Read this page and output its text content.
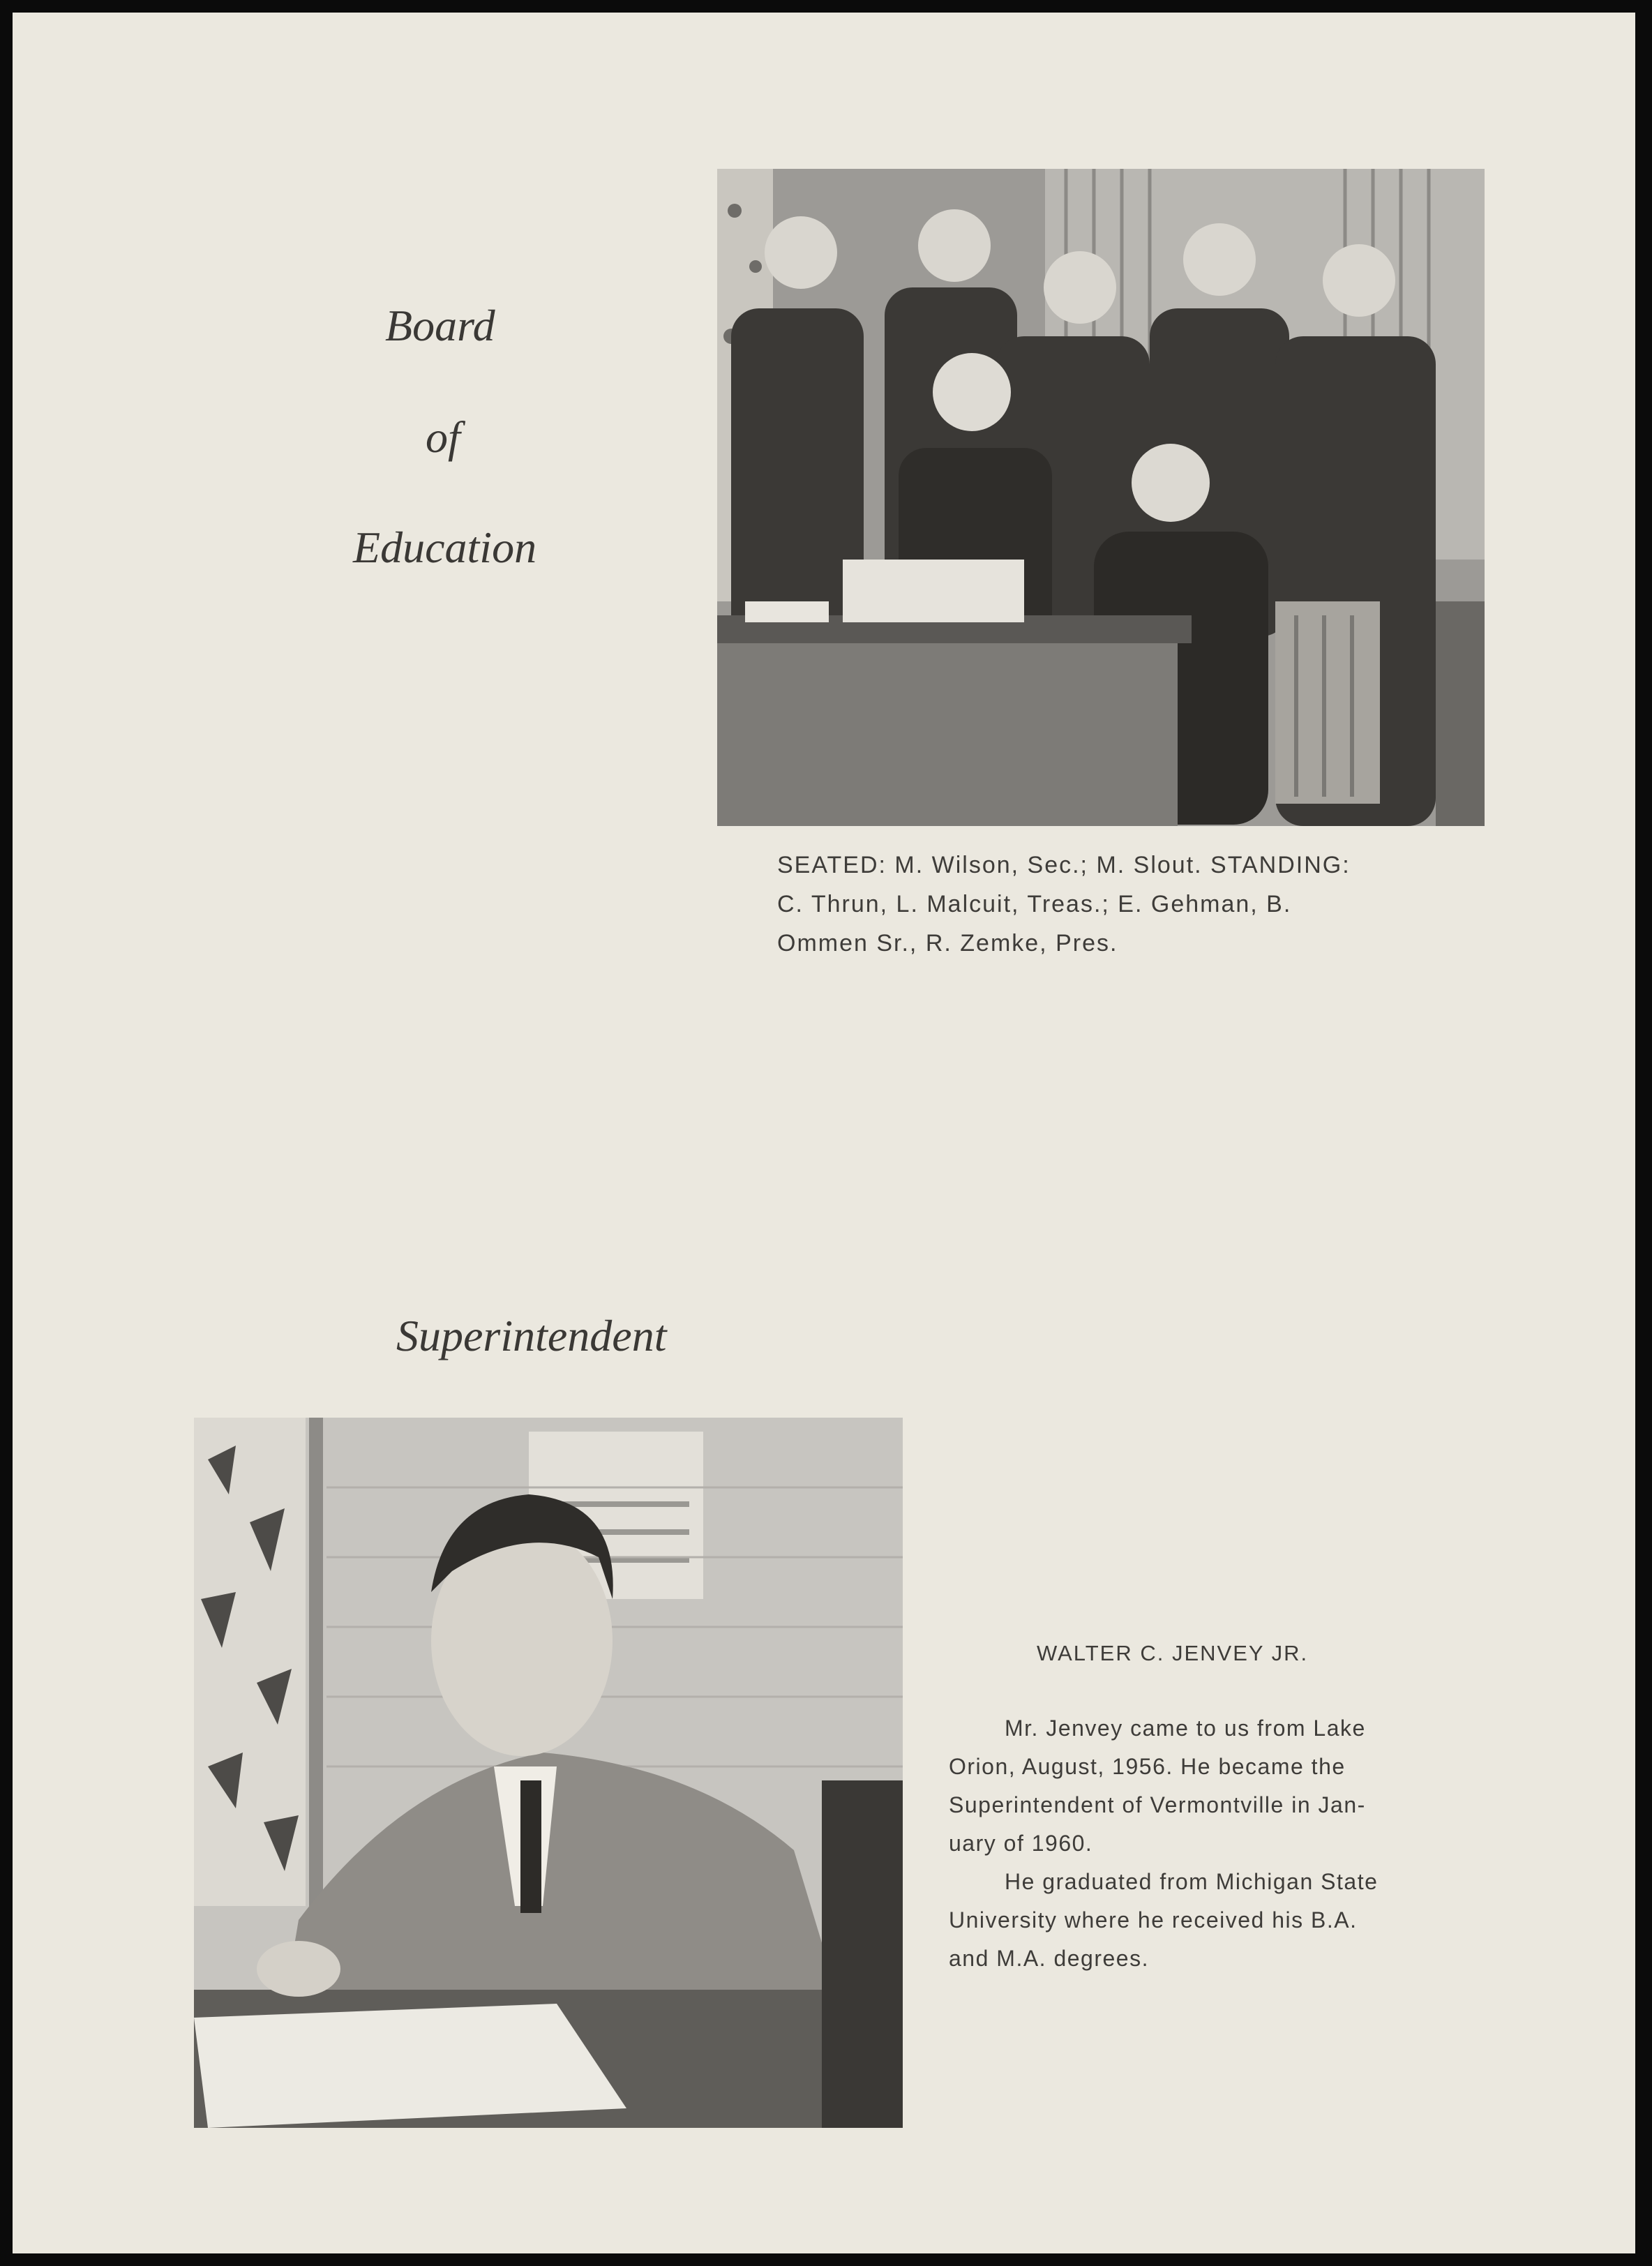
Board
of
Education

SEATED: M. Wilson, Sec.; M. Slout. STANDING:

C. Thrun, L. Malcuit, Treas.; E. Gehman, B.

Ommen Sr., R. Zemke, Pres.

Superintendent
WALTER C. JENVEY JR.

Mr. Jenvey came to us from Lake

Orion, August, 1956. He became the

Superintendent of Vermontville in Jan-

uary of 1960.

He graduated from Michigan State

University where he received his B.A.

and M.A. degrees.
